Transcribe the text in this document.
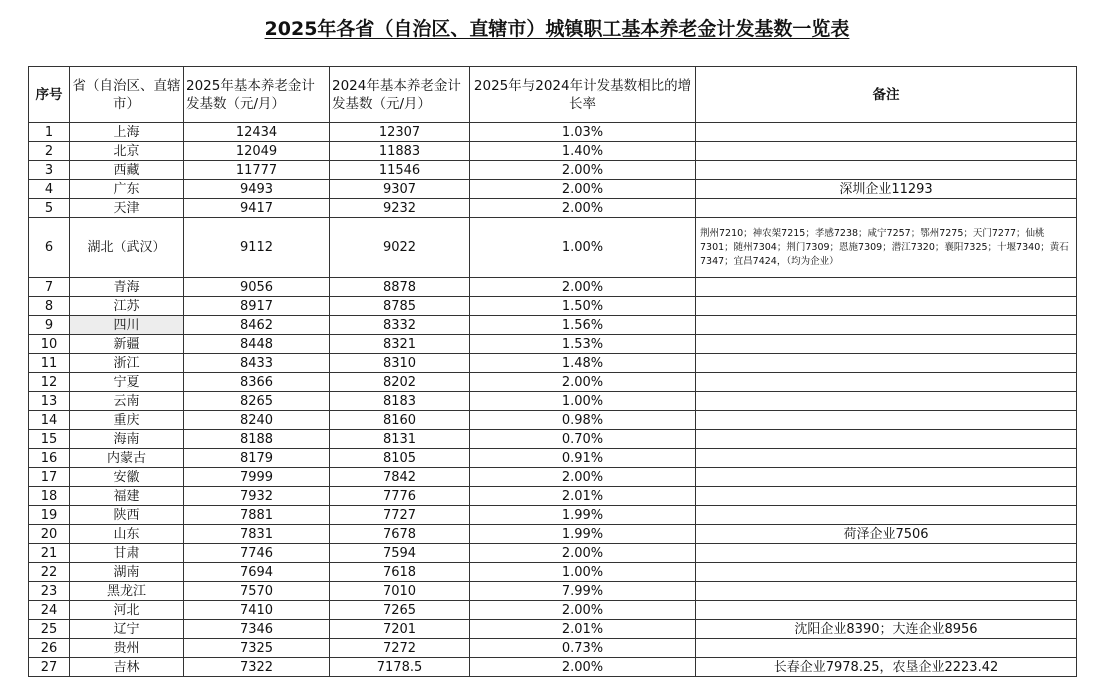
2025年各省（自治区、直辖市）城镇职工基本养老金计发基数一览表
序号	省（自治区、直辖市）	2025年基本养老金计发基数（元/月）	2024年基本养老金计发基数（元/月）	2025年与2024年计发基数相比的增长率	备注
1	上海	12434	12307	1.03%	
2	北京	12049	11883	1.40%	
3	西藏	11777	11546	2.00%	
4	广东	9493	9307	2.00%	深圳企业11293
5	天津	9417	9232	2.00%	
6	湖北（武汉）	9112	9022	1.00%	荆州7210；神农架7215；孝感7238；咸宁7257；鄂州7275；天门7277；仙桃7301；随州7304；荆门7309；恩施7309；潜江7320；襄阳7325；十堰7340；黄石7347；宜昌7424，（均为企业）
7	青海	9056	8878	2.00%	
8	江苏	8917	8785	1.50%	
9	四川	8462	8332	1.56%	
10	新疆	8448	8321	1.53%	
11	浙江	8433	8310	1.48%	
12	宁夏	8366	8202	2.00%	
13	云南	8265	8183	1.00%	
14	重庆	8240	8160	0.98%	
15	海南	8188	8131	0.70%	
16	内蒙古	8179	8105	0.91%	
17	安徽	7999	7842	2.00%	
18	福建	7932	7776	2.01%	
19	陕西	7881	7727	1.99%	
20	山东	7831	7678	1.99%	荷泽企业7506
21	甘肃	7746	7594	2.00%	
22	湖南	7694	7618	1.00%	
23	黑龙江	7570	7010	7.99%	
24	河北	7410	7265	2.00%	
25	辽宁	7346	7201	2.01%	沈阳企业8390；大连企业8956
26	贵州	7325	7272	0.73%	
27	吉林	7322	7178.5	2.00%	长春企业7978.25，农垦企业2223.42
